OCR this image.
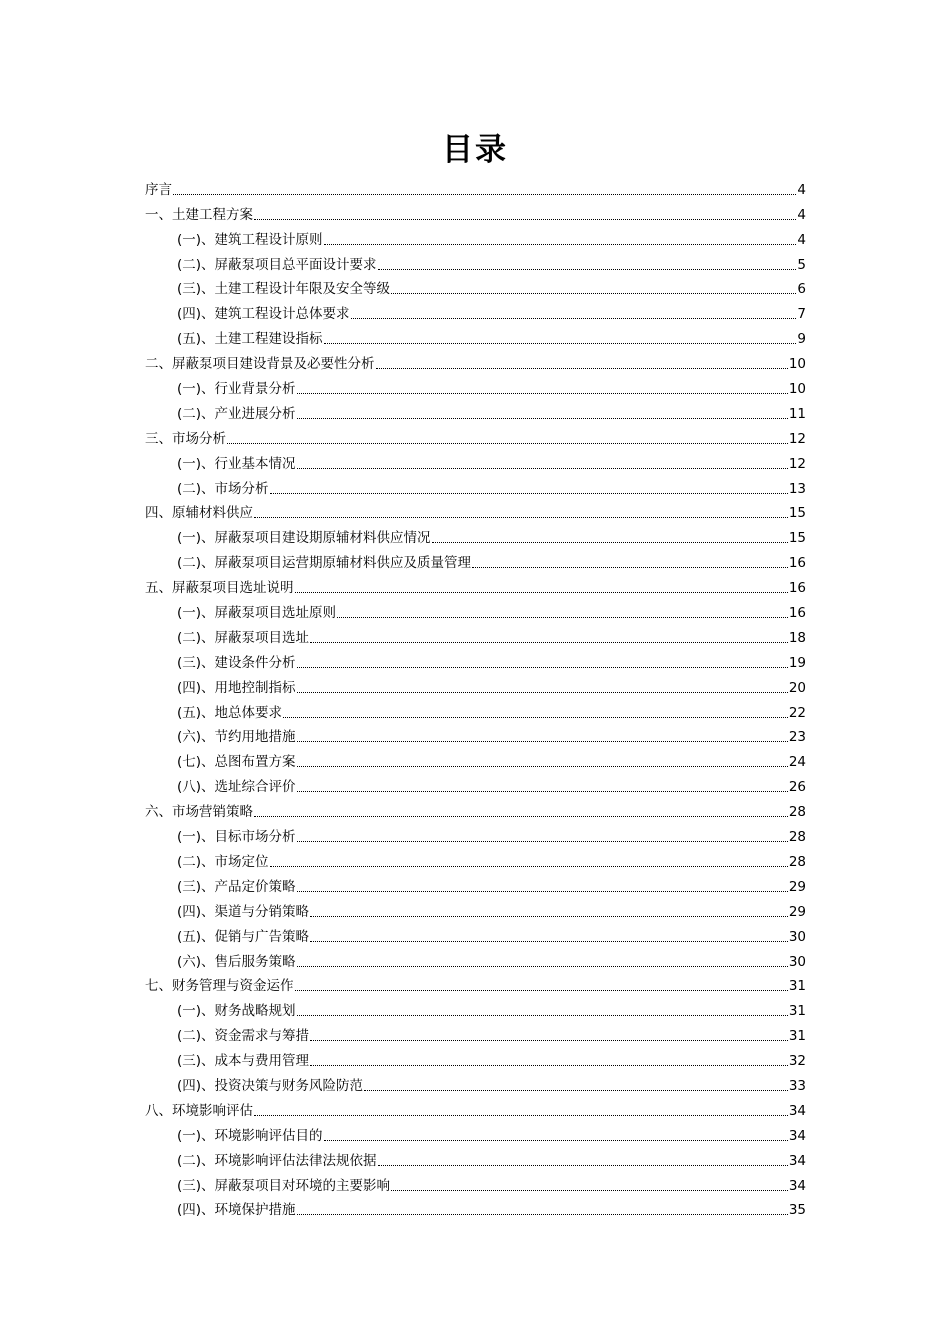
目录
序言	4
一、土建工程方案	4
(一)、建筑工程设计原则	4
(二)、屏蔽泵项目总平面设计要求	5
(三)、土建工程设计年限及安全等级	6
(四)、建筑工程设计总体要求	7
(五)、土建工程建设指标	9
二、屏蔽泵项目建设背景及必要性分析	10
(一)、行业背景分析	10
(二)、产业进展分析	11
三、市场分析	12
(一)、行业基本情况	12
(二)、市场分析	13
四、原辅材料供应	15
(一)、屏蔽泵项目建设期原辅材料供应情况	15
(二)、屏蔽泵项目运营期原辅材料供应及质量管理	16
五、屏蔽泵项目选址说明	16
(一)、屏蔽泵项目选址原则	16
(二)、屏蔽泵项目选址	18
(三)、建设条件分析	19
(四)、用地控制指标	20
(五)、地总体要求	22
(六)、节约用地措施	23
(七)、总图布置方案	24
(八)、选址综合评价	26
六、市场营销策略	28
(一)、目标市场分析	28
(二)、市场定位	28
(三)、产品定价策略	29
(四)、渠道与分销策略	29
(五)、促销与广告策略	30
(六)、售后服务策略	30
七、财务管理与资金运作	31
(一)、财务战略规划	31
(二)、资金需求与筹措	31
(三)、成本与费用管理	32
(四)、投资决策与财务风险防范	33
八、环境影响评估	34
(一)、环境影响评估目的	34
(二)、环境影响评估法律法规依据	34
(三)、屏蔽泵项目对环境的主要影响	34
(四)、环境保护措施	35
